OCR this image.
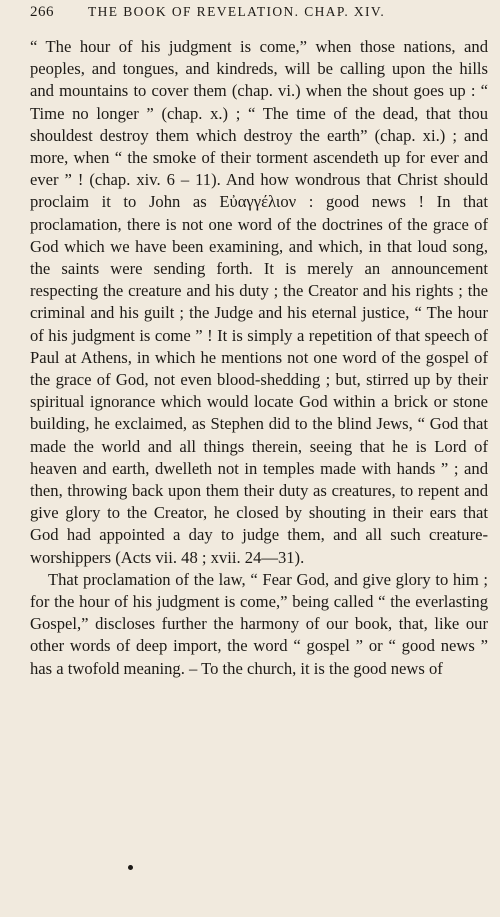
266	THE BOOK OF REVELATION. CHAP. XIV.

“ The hour of his judgment is come,” when those nations, and peoples, and tongues, and kindreds, will be calling upon the hills and mountains to cover them (chap. vi.) when the shout goes up : “ Time no longer ” (chap. x.) ; “ The time of the dead, that thou shouldest destroy them which destroy the earth” (chap. xi.) ; and more, when “ the smoke of their torment ascendeth up for ever and ever ” ! (chap. xiv. 6 – 11). And how wondrous that Christ should proclaim it to John as Εὐαγγέλιον : good news ! In that proclamation, there is not one word of the doctrines of the grace of God which we have been examining, and which, in that loud song, the saints were sending forth. It is merely an announcement respecting the creature and his duty ; the Creator and his rights ; the criminal and his guilt ; the Judge and his eternal justice, “ The hour of his judgment is come ” ! It is simply a repetition of that speech of Paul at Athens, in which he mentions not one word of the gospel of the grace of God, not even blood-shedding ; but, stirred up by their spiritual ignorance which would locate God within a brick or stone building, he exclaimed, as Stephen did to the blind Jews, “ God that made the world and all things therein, seeing that he is Lord of heaven and earth, dwelleth not in temples made with hands ” ; and then, throwing back upon them their duty as creatures, to repent and give glory to the Creator, he closed by shouting in their ears that God had appointed a day to judge them, and all such creature-worshippers (Acts vii. 48 ; xvii. 24—31).

That proclamation of the law, “ Fear God, and give glory to him ; for the hour of his judgment is come,” being called “ the everlasting Gospel,” discloses further the harmony of our book, that, like our other words of deep import, the word “ gospel ” or “ good news ” has a twofold meaning. – To the church, it is the good news of
